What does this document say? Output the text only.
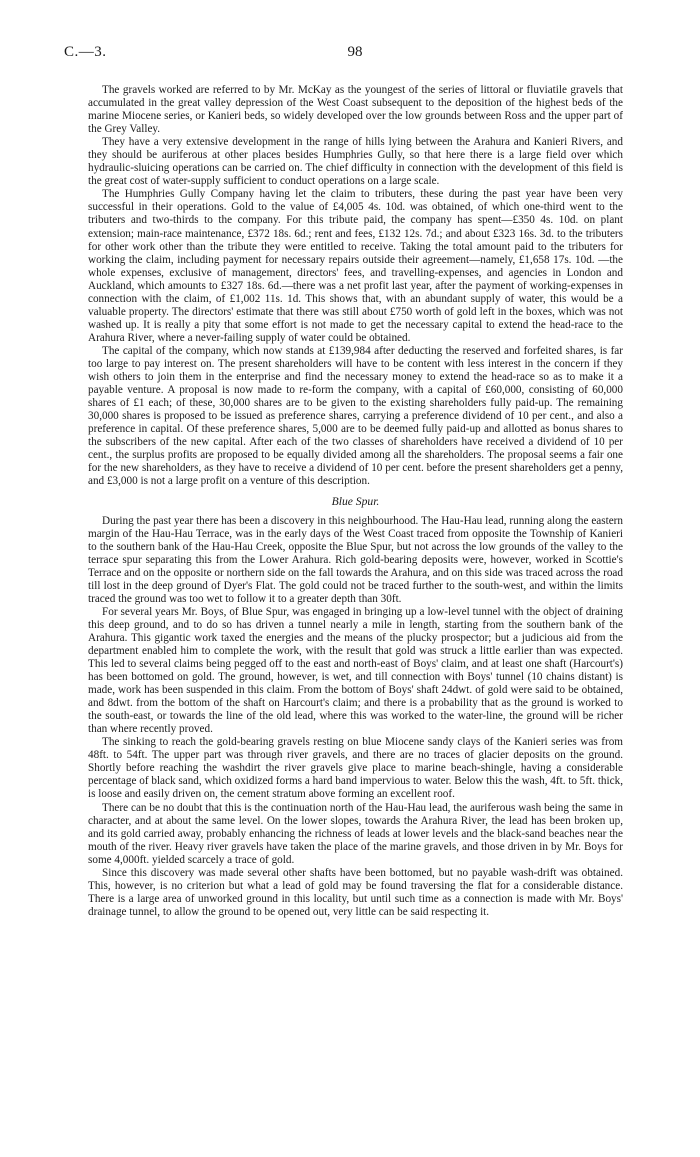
C.—3.	98

The gravels worked are referred to by Mr. McKay as the youngest of the series of littoral or fluviatile gravels that accumulated in the great valley depression of the West Coast subsequent to the deposition of the highest beds of the marine Miocene series, or Kanieri beds, so widely developed over the low grounds between Ross and the upper part of the Grey Valley.

They have a very extensive development in the range of hills lying between the Arahura and Kanieri Rivers, and they should be auriferous at other places besides Humphries Gully, so that here there is a large field over which hydraulic-sluicing operations can be carried on. The chief difficulty in connection with the development of this field is the great cost of water-supply sufficient to conduct operations on a large scale.

The Humphries Gully Company having let the claim to tributers, these during the past year have been very successful in their operations. Gold to the value of £4,005 4s. 10d. was obtained, of which one-third went to the tributers and two-thirds to the company. For this tribute paid, the company has spent—£350 4s. 10d. on plant extension; main-race maintenance, £372 18s. 6d.; rent and fees, £132 12s. 7d.; and about £323 16s. 3d. to the tributers for other work other than the tribute they were entitled to receive. Taking the total amount paid to the tributers for working the claim, including payment for necessary repairs outside their agreement—namely, £1,658 17s. 10d. —the whole expenses, exclusive of management, directors' fees, and travelling-expenses, and agencies in London and Auckland, which amounts to £327 18s. 6d.—there was a net profit last year, after the payment of working-expenses in connection with the claim, of £1,002 11s. 1d. This shows that, with an abundant supply of water, this would be a valuable property. The directors' estimate that there was still about £750 worth of gold left in the boxes, which was not washed up. It is really a pity that some effort is not made to get the necessary capital to extend the head-race to the Arahura River, where a never-failing supply of water could be obtained.

The capital of the company, which now stands at £139,984 after deducting the reserved and forfeited shares, is far too large to pay interest on. The present shareholders will have to be content with less interest in the concern if they wish others to join them in the enterprise and find the necessary money to extend the head-race so as to make it a payable venture. A proposal is now made to re-form the company, with a capital of £60,000, consisting of 60,000 shares of £1 each; of these, 30,000 shares are to be given to the existing shareholders fully paid-up. The remaining 30,000 shares is proposed to be issued as preference shares, carrying a preference dividend of 10 per cent., and also a preference in capital. Of these preference shares, 5,000 are to be deemed fully paid-up and allotted as bonus shares to the subscribers of the new capital. After each of the two classes of shareholders have received a dividend of 10 per cent., the surplus profits are proposed to be equally divided among all the shareholders. The proposal seems a fair one for the new shareholders, as they have to receive a dividend of 10 per cent. before the present shareholders get a penny, and £3,000 is not a large profit on a venture of this description.

Blue Spur.

During the past year there has been a discovery in this neighbourhood. The Hau-Hau lead, running along the eastern margin of the Hau-Hau Terrace, was in the early days of the West Coast traced from opposite the Township of Kanieri to the southern bank of the Hau-Hau Creek, opposite the Blue Spur, but not across the low grounds of the valley to the terrace spur separating this from the Lower Arahura. Rich gold-bearing deposits were, however, worked in Scottie's Terrace and on the opposite or northern side on the fall towards the Arahura, and on this side was traced across the road till lost in the deep ground of Dyer's Flat. The gold could not be traced further to the south-west, and within the limits traced the ground was too wet to follow it to a greater depth than 30ft.

For several years Mr. Boys, of Blue Spur, was engaged in bringing up a low-level tunnel with the object of draining this deep ground, and to do so has driven a tunnel nearly a mile in length, starting from the southern bank of the Arahura. This gigantic work taxed the energies and the means of the plucky prospector; but a judicious aid from the department enabled him to complete the work, with the result that gold was struck a little earlier than was expected. This led to several claims being pegged off to the east and north-east of Boys' claim, and at least one shaft (Harcourt's) has been bottomed on gold. The ground, however, is wet, and till connection with Boys' tunnel (10 chains distant) is made, work has been suspended in this claim. From the bottom of Boys' shaft 24dwt. of gold were said to be obtained, and 8dwt. from the bottom of the shaft on Harcourt's claim; and there is a probability that as the ground is worked to the south-east, or towards the line of the old lead, where this was worked to the water-line, the ground will be richer than where recently proved.

The sinking to reach the gold-bearing gravels resting on blue Miocene sandy clays of the Kanieri series was from 48ft. to 54ft. The upper part was through river gravels, and there are no traces of glacier deposits on the ground. Shortly before reaching the washdirt the river gravels give place to marine beach-shingle, having a considerable percentage of black sand, which oxidized forms a hard band impervious to water. Below this the wash, 4ft. to 5ft. thick, is loose and easily driven on, the cement stratum above forming an excellent roof.

There can be no doubt that this is the continuation north of the Hau-Hau lead, the auriferous wash being the same in character, and at about the same level. On the lower slopes, towards the Arahura River, the lead has been broken up, and its gold carried away, probably enhancing the richness of leads at lower levels and the black-sand beaches near the mouth of the river. Heavy river gravels have taken the place of the marine gravels, and those driven in by Mr. Boys for some 4,000ft. yielded scarcely a trace of gold.

Since this discovery was made several other shafts have been bottomed, but no payable wash-drift was obtained. This, however, is no criterion but what a lead of gold may be found traversing the flat for a considerable distance. There is a large area of unworked ground in this locality, but until such time as a connection is made with Mr. Boys' drainage tunnel, to allow the ground to be opened out, very little can be said respecting it.
